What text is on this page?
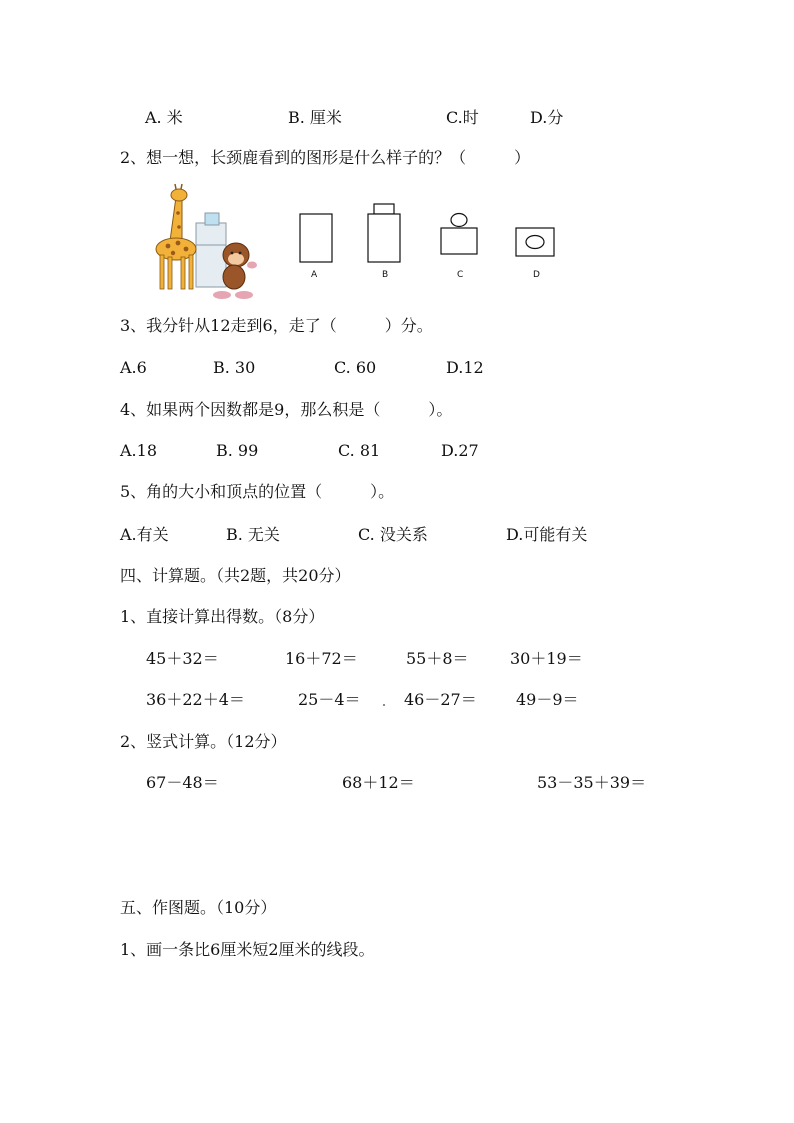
A. 米	B. 厘米	C.时	D.分
2、想一想，长颈鹿看到的图形是什么样子的？（　　　）
A	B	C	D
3、我分针从12走到6，走了（　　　）分。
A.6	B. 30	C. 60	D.12
4、如果两个因数都是9，那么积是（　　　）。
A.18	B. 99	C. 81	D.27
5、角的大小和顶点的位置（　　　）。
A.有关	B. 无关	C. 没关系	D.可能有关
四、计算题。（共2题，共20分）
1、直接计算出得数。（8分）
45＋32＝	16＋72＝	55＋8＝	30＋19＝
36＋22＋4＝	25－4＝	46－27＝ 49－9＝
2、竖式计算。（12分）
67－48＝	68＋12＝	53－35＋39＝
五、作图题。（10分）
1、画一条比6厘米短2厘米的线段。
